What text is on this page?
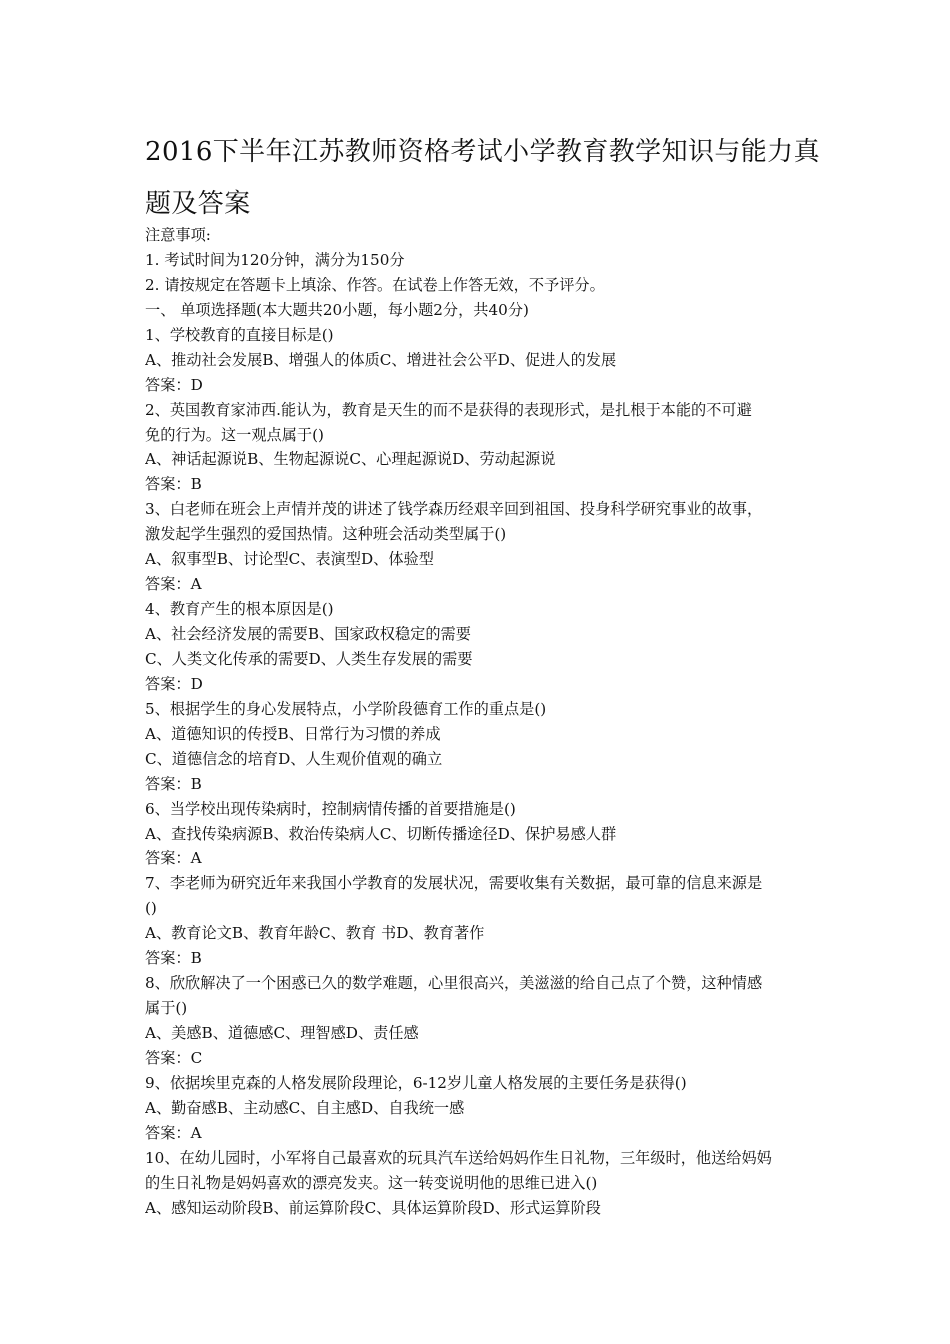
2016下半年江苏教师资格考试小学教育教学知识与能力真题及答案

注意事项:

1. 考试时间为120分钟，满分为150分

2. 请按规定在答题卡上填涂、作答。在试卷上作答无效，不予评分。

一、 单项选择题(本大题共20小题，每小题2分，共40分)

1、学校教育的直接目标是()

A、推动社会发展B、增强人的体质C、增进社会公平D、促进人的发展

答案：D

2、英国教育家沛西.能认为，教育是天生的而不是获得的表现形式，是扎根于本能的不可避

免的行为。这一观点属于()

A、神话起源说B、生物起源说C、心理起源说D、劳动起源说

答案：B

3、白老师在班会上声情并茂的讲述了钱学森历经艰辛回到祖国、投身科学研究事业的故事，

激发起学生强烈的爱国热情。这种班会活动类型属于()

A、叙事型B、讨论型C、表演型D、体验型

答案：A

4、教育产生的根本原因是()

A、社会经济发展的需要B、国家政权稳定的需要

C、人类文化传承的需要D、人类生存发展的需要

答案：D

5、根据学生的身心发展特点，小学阶段德育工作的重点是()

A、道德知识的传授B、日常行为习惯的养成

C、道德信念的培育D、人生观价值观的确立

答案：B

6、当学校出现传染病时，控制病情传播的首要措施是()

A、查找传染病源B、救治传染病人C、切断传播途径D、保护易感人群

答案：A

7、李老师为研究近年来我国小学教育的发展状况，需要收集有关数据，最可靠的信息来源是

()

A、教育论文B、教育年龄C、教育 书D、教育著作

答案：B

8、欣欣解决了一个困惑已久的数学难题，心里很高兴，美滋滋的给自己点了个赞，这种情感

属于()

A、美感B、道德感C、理智感D、责任感

答案：C

9、依据埃里克森的人格发展阶段理论，6-12岁儿童人格发展的主要任务是获得()

A、勤奋感B、主动感C、自主感D、自我统一感

答案：A

10、在幼儿园时，小军将自己最喜欢的玩具汽车送给妈妈作生日礼物，三年级时，他送给妈妈

的生日礼物是妈妈喜欢的漂亮发夹。这一转变说明他的思维已进入()

A、感知运动阶段B、前运算阶段C、具体运算阶段D、形式运算阶段
